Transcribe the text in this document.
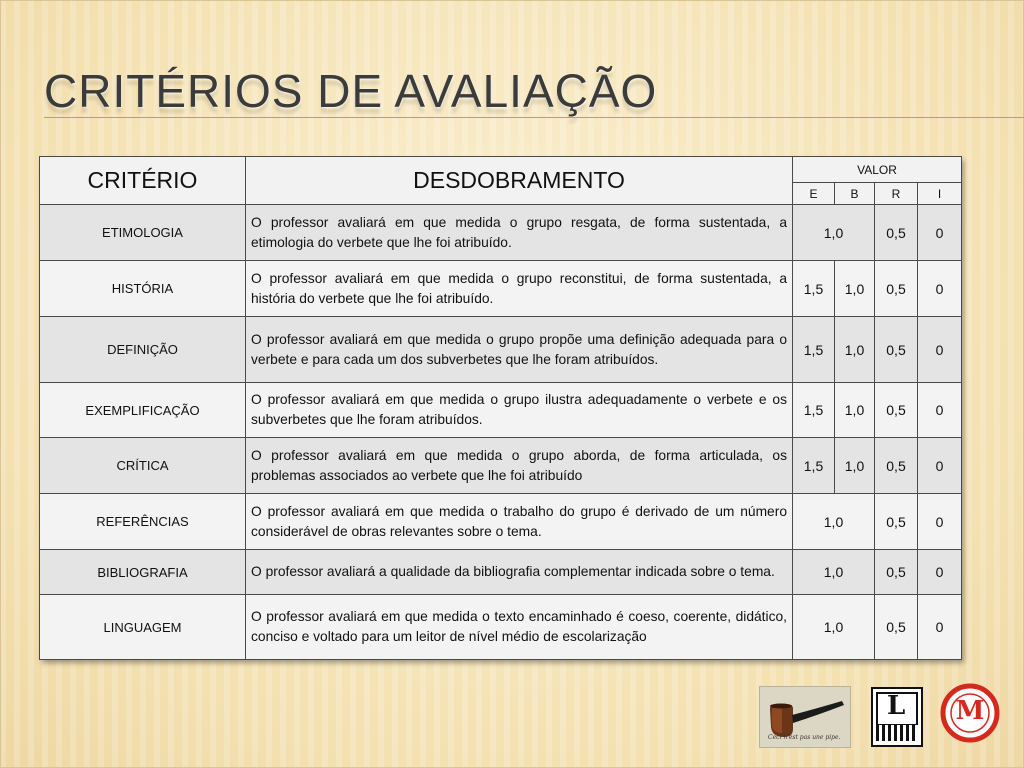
CRITÉRIOS DE AVALIAÇÃO
CRITÉRIO	DESDOBRAMENTO	VALOR			
		E	B	R	I
ETIMOLOGIA	O professor avaliará em que medida o grupo resgata, de forma sustentada, a etimologia do verbete que lhe foi atribuído.	1,0		0,5	0
HISTÓRIA	O professor avaliará em que medida o grupo reconstitui, de forma sustentada, a história do verbete que lhe foi atribuído.	1,5	1,0	0,5	0
DEFINIÇÃO	O professor avaliará em que medida o grupo propõe uma definição adequada para o verbete e para cada um dos subverbetes que lhe foram atribuídos.	1,5	1,0	0,5	0
EXEMPLIFICAÇÃO	O professor avaliará em que medida o grupo ilustra adequadamente o verbete e os subverbetes que lhe foram atribuídos.	1,5	1,0	0,5	0
CRÍTICA	O professor avaliará em que medida o grupo aborda, de forma articulada, os problemas associados ao verbete que lhe foi atribuído	1,5	1,0	0,5	0
REFERÊNCIAS	O professor avaliará em que medida o trabalho do grupo é derivado de um número considerável de obras relevantes sobre o tema.	1,0		0,5	0
BIBLIOGRAFIA	O professor avaliará a qualidade da bibliografia complementar indicada sobre o tema.	1,0		0,5	0
LINGUAGEM	O professor avaliará em que medida o texto encaminhado é coeso, coerente, didático, conciso e voltado para um leitor de nível médio de escolarização	1,0		0,5	0
Ceci n'est pas une pipe.
L	M
